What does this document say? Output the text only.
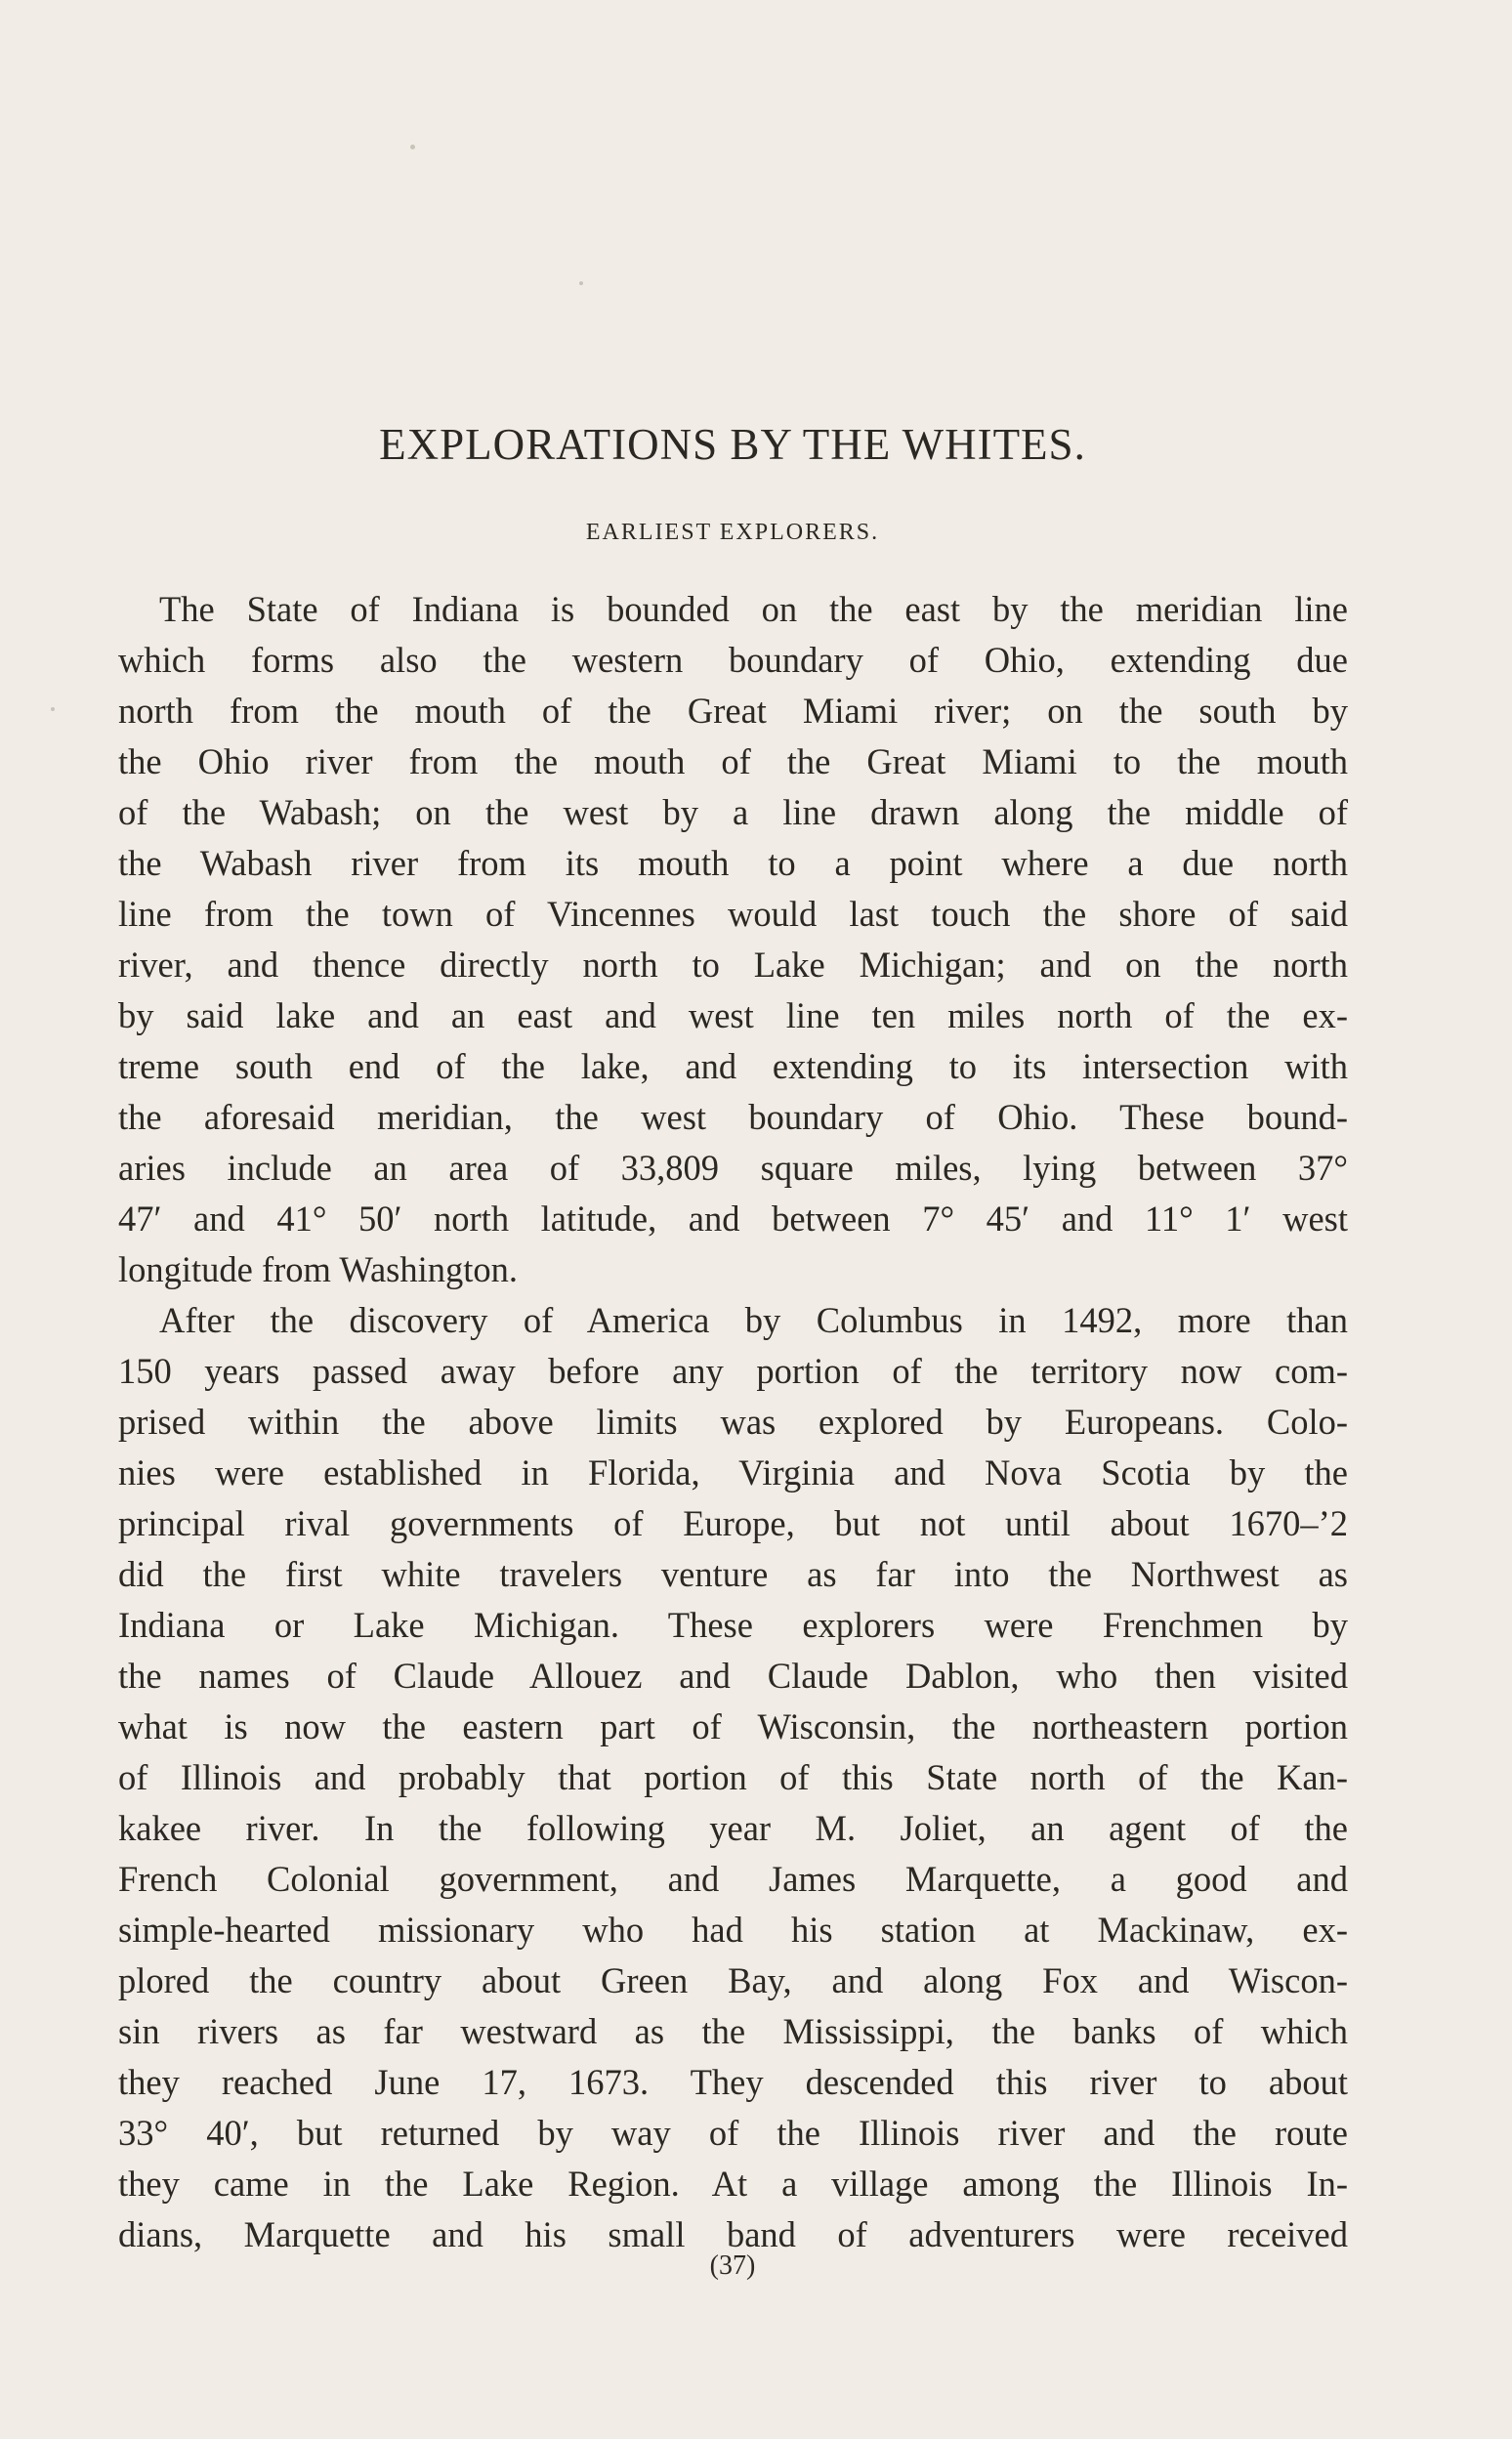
EXPLORATIONS BY THE WHITES.
EARLIEST EXPLORERS.
The State of Indiana is bounded on the east by the meridian line
which forms also the western boundary of Ohio, extending due
north from the mouth of the Great Miami river; on the south by
the Ohio river from the mouth of the Great Miami to the mouth
of the Wabash; on the west by a line drawn along the middle of
the Wabash river from its mouth to a point where a due north
line from the town of Vincennes would last touch the shore of said
river, and thence directly north to Lake Michigan; and on the north
by said lake and an east and west line ten miles north of the ex-
treme south end of the lake, and extending to its intersection with
the aforesaid meridian, the west boundary of Ohio. These bound-
aries include an area of 33,809 square miles, lying between 37°
47′ and 41° 50′ north latitude, and between 7° 45′ and 11° 1′ west
longitude from Washington.
After the discovery of America by Columbus in 1492, more than
150 years passed away before any portion of the territory now com-
prised within the above limits was explored by Europeans. Colo-
nies were established in Florida, Virginia and Nova Scotia by the
principal rival governments of Europe, but not until about 1670–’2
did the first white travelers venture as far into the Northwest as
Indiana or Lake Michigan. These explorers were Frenchmen by
the names of Claude Allouez and Claude Dablon, who then visited
what is now the eastern part of Wisconsin, the northeastern portion
of Illinois and probably that portion of this State north of the Kan-
kakee river. In the following year M. Joliet, an agent of the
French Colonial government, and James Marquette, a good and
simple-hearted missionary who had his station at Mackinaw, ex-
plored the country about Green Bay, and along Fox and Wiscon-
sin rivers as far westward as the Mississippi, the banks of which
they reached June 17, 1673. They descended this river to about
33° 40′, but returned by way of the Illinois river and the route
they came in the Lake Region. At a village among the Illinois In-
dians, Marquette and his small band of adventurers were received
(37)
